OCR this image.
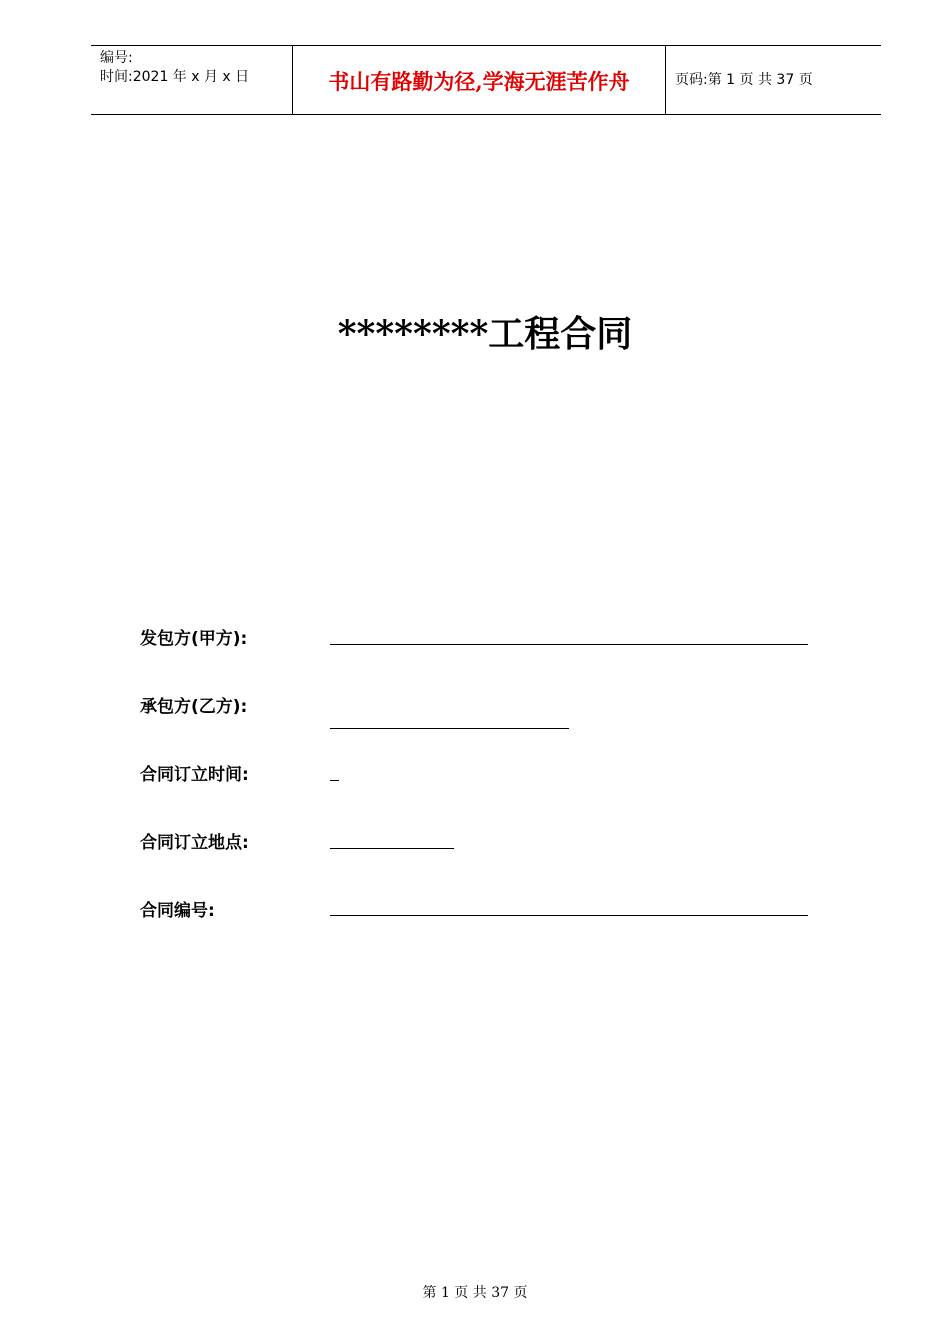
编号:
时间:2021 年 x 月 x 日	书山有路勤为径,学海无涯苦作舟	页码:第 1 页 共 37 页
********工程合同
发包方(甲方):
承包方(乙方):
合同订立时间:
合同订立地点:
合同编号:
第 1 页 共 37 页
